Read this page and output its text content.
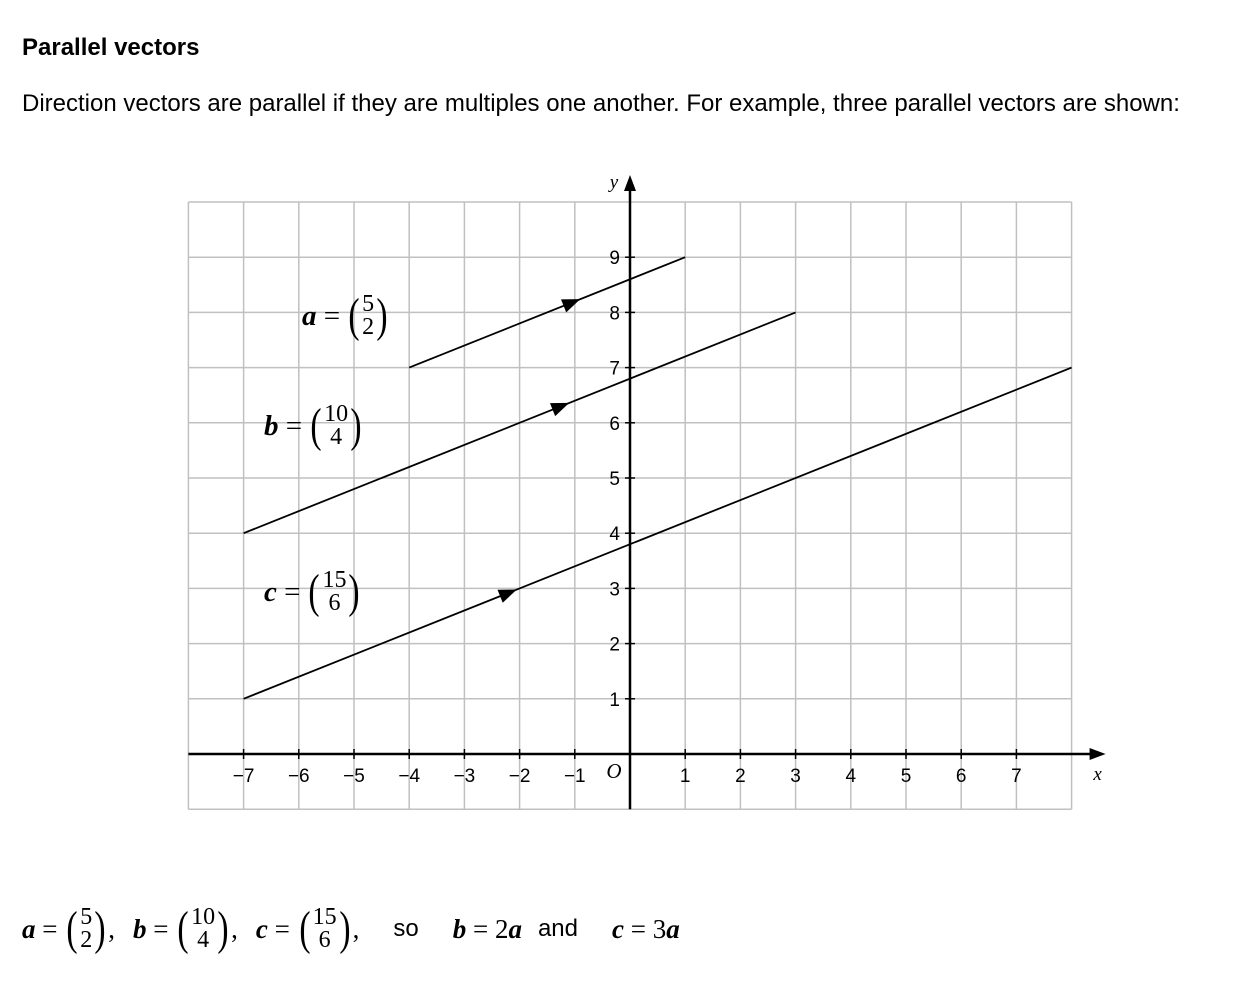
Parallel vectors
Direction vectors are parallel if they are multiples one another. For example, three parallel vectors are shown:
x
y
O
−7 −6 −5 −4 −3 −2 −1	1 2 3 4 5 6 7
1
2
3
4
5
6
7
8
9
a = ( 5
2 )
b = ( 10
4 )
c = ( 15
6 )
a
=
( 5
2 ) , b
=
( 10
4 ) , c
=
( 15
6 ) , so b
=
2 a and c
=
3 a
